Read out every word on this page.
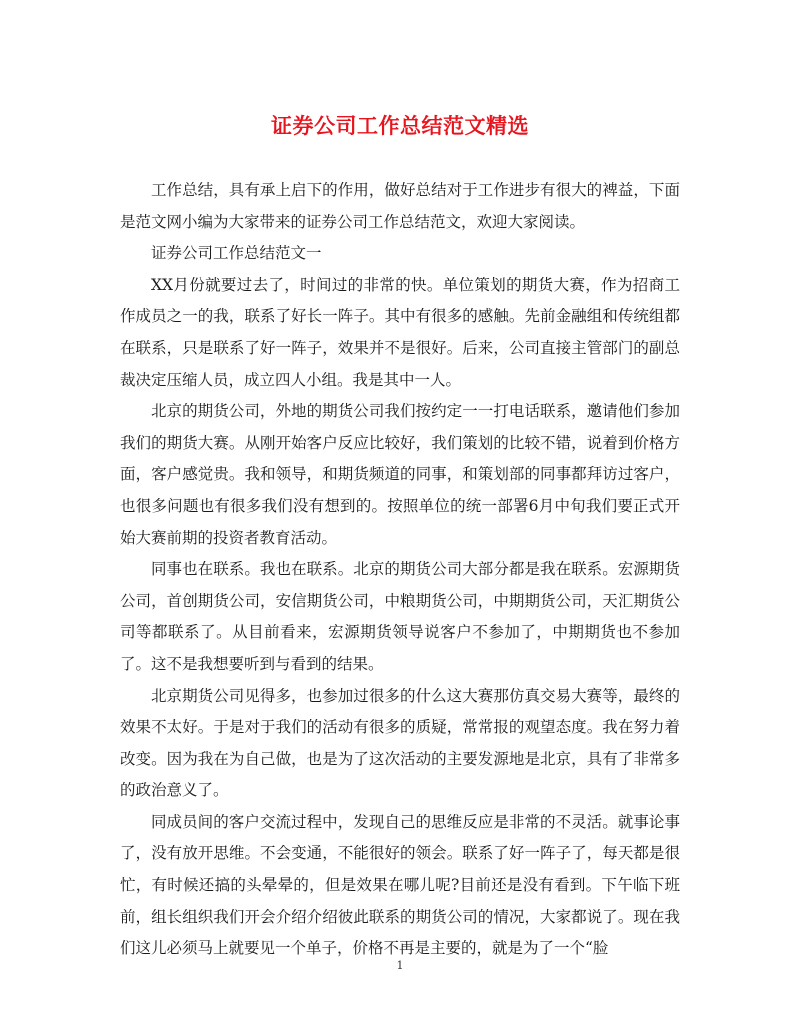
证券公司工作总结范文精选

工作总结，具有承上启下的作用，做好总结对于工作进步有很大的裨益，下面是范文网小编为大家带来的证券公司工作总结范文，欢迎大家阅读。

证券公司工作总结范文一

XX月份就要过去了，时间过的非常的快。单位策划的期货大赛，作为招商工作成员之一的我，联系了好长一阵子。其中有很多的感触。先前金融组和传统组都在联系，只是联系了好一阵子，效果并不是很好。后来，公司直接主管部门的副总裁决定压缩人员，成立四人小组。我是其中一人。

北京的期货公司，外地的期货公司我们按约定一一打电话联系，邀请他们参加我们的期货大赛。从刚开始客户反应比较好，我们策划的比较不错，说着到价格方面，客户感觉贵。我和领导，和期货频道的同事，和策划部的同事都拜访过客户，也很多问题也有很多我们没有想到的。按照单位的统一部署6月中旬我们要正式开始大赛前期的投资者教育活动。

同事也在联系。我也在联系。北京的期货公司大部分都是我在联系。宏源期货公司，首创期货公司，安信期货公司，中粮期货公司，中期期货公司，天汇期货公司等都联系了。从目前看来，宏源期货领导说客户不参加了，中期期货也不参加了。这不是我想要听到与看到的结果。

北京期货公司见得多，也参加过很多的什么这大赛那仿真交易大赛等，最终的效果不太好。于是对于我们的活动有很多的质疑，常常报的观望态度。我在努力着改变。因为我在为自己做，也是为了这次活动的主要发源地是北京，具有了非常多的政治意义了。

同成员间的客户交流过程中，发现自己的思维反应是非常的不灵活。就事论事了，没有放开思维。不会变通，不能很好的领会。联系了好一阵子了，每天都是很忙，有时候还搞的头晕晕的，但是效果在哪儿呢?目前还是没有看到。下午临下班前，组长组织我们开会介绍介绍彼此联系的期货公司的情况，大家都说了。现在我们这儿必须马上就要见一个单子，价格不再是主要的，就是为了一个“脸

1
